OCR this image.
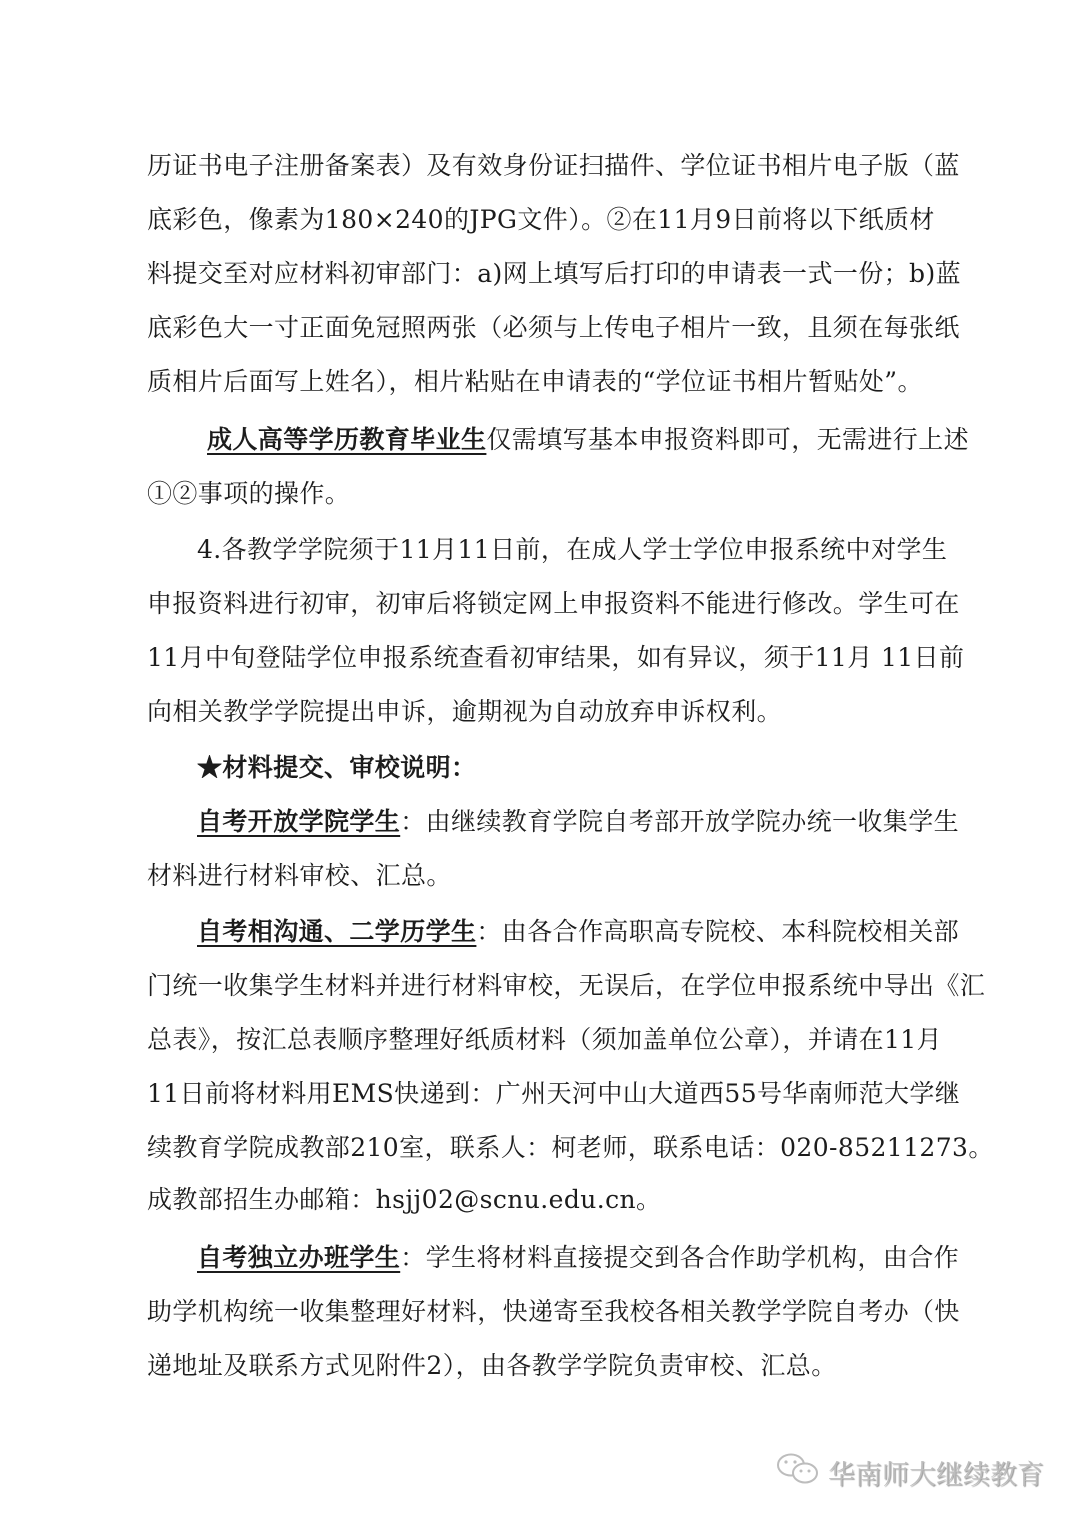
历证书电子注册备案表）及有效身份证扫描件、学位证书相片电子版（蓝
底彩色，像素为180×240的JPG文件）。②在11月9日前将以下纸质材
料提交至对应材料初审部门：a)网上填写后打印的申请表一式一份；b)蓝
底彩色大一寸正面免冠照两张（必须与上传电子相片一致，且须在每张纸
质相片后面写上姓名），相片粘贴在申请表的“学位证书相片暂贴处”。
成人高等学历教育毕业生仅需填写基本申报资料即可，无需进行上述
①②事项的操作。
4.各教学学院须于11月11日前，在成人学士学位申报系统中对学生
申报资料进行初审，初审后将锁定网上申报资料不能进行修改。学生可在
11月中旬登陆学位申报系统查看初审结果，如有异议，须于11月 11日前
向相关教学学院提出申诉，逾期视为自动放弃申诉权利。
★材料提交、审校说明：
自考开放学院学生：由继续教育学院自考部开放学院办统一收集学生
材料进行材料审校、汇总。
自考相沟通、二学历学生：由各合作高职高专院校、本科院校相关部
门统一收集学生材料并进行材料审校，无误后，在学位申报系统中导出《汇
总表》，按汇总表顺序整理好纸质材料（须加盖单位公章），并请在11月
11日前将材料用EMS快递到：广州天河中山大道西55号华南师范大学继
续教育学院成教部210室，联系人：柯老师，联系电话：020-85211273。
成教部招生办邮箱：hsjj02@scnu.edu.cn。
自考独立办班学生：学生将材料直接提交到各合作助学机构，由合作
助学机构统一收集整理好材料，快递寄至我校各相关教学学院自考办（快
递地址及联系方式见附件2），由各教学学院负责审校、汇总。
华南师大继续教育
